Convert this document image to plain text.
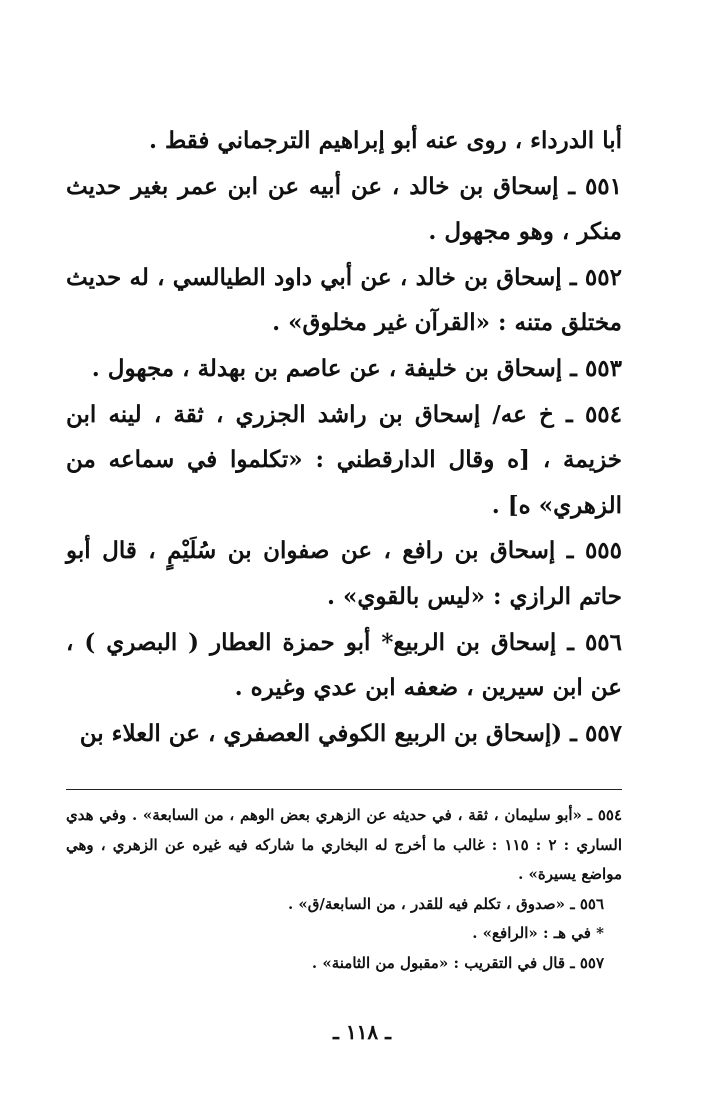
أبا الدرداء ، روى عنه أبو إبراهيم الترجماني فقط .

٥٥١ ـ إسحاق بن خالد ، عن أبيه عن ابن عمر بغير حديث منكر ، وهو مجهول .

٥٥٢ ـ إسحاق بن خالد ، عن أبي داود الطيالسي ، له حديث مختلق متنه : «القرآن غير مخلوق» .

٥٥٣ ـ إسحاق بن خليفة ، عن عاصم بن بهدلة ، مجهول .

٥٥٤ ـ خ عه/ إسحاق بن راشد الجزري ، ثقة ، لينه ابن خزيمة ، [ه وقال الدارقطني : «تكلموا في سماعه من الزهري» ه] .

٥٥٥ ـ إسحاق بن رافع ، عن صفوان بن سُلَيْمٍ ، قال أبو حاتم الرازي : «ليس بالقوي» .

٥٥٦ ـ إسحاق بن الربيع* أبو حمزة العطار ( البصري ) ، عن ابن سيرين ، ضعفه ابن عدي وغيره .

٥٥٧ ـ (إسحاق بن الربيع الكوفي العصفري ، عن العلاء بن

٥٥٤ ـ «أبو سليمان ، ثقة ، في حديثه عن الزهري بعض الوهم ، من السابعة» . وفي هدي الساري : ٢ : ١١٥ : غالب ما أخرج له البخاري ما شاركه فيه غيره عن الزهري ، وهي مواضع يسيرة» .

٥٥٦ ـ «صدوق ، تكلم فيه للقدر ، من السابعة/ق» .

* في هـ : «الرافع» .

٥٥٧ ـ قال في التقريب : «مقبول من الثامنة» .

ـ ١١٨ ـ
